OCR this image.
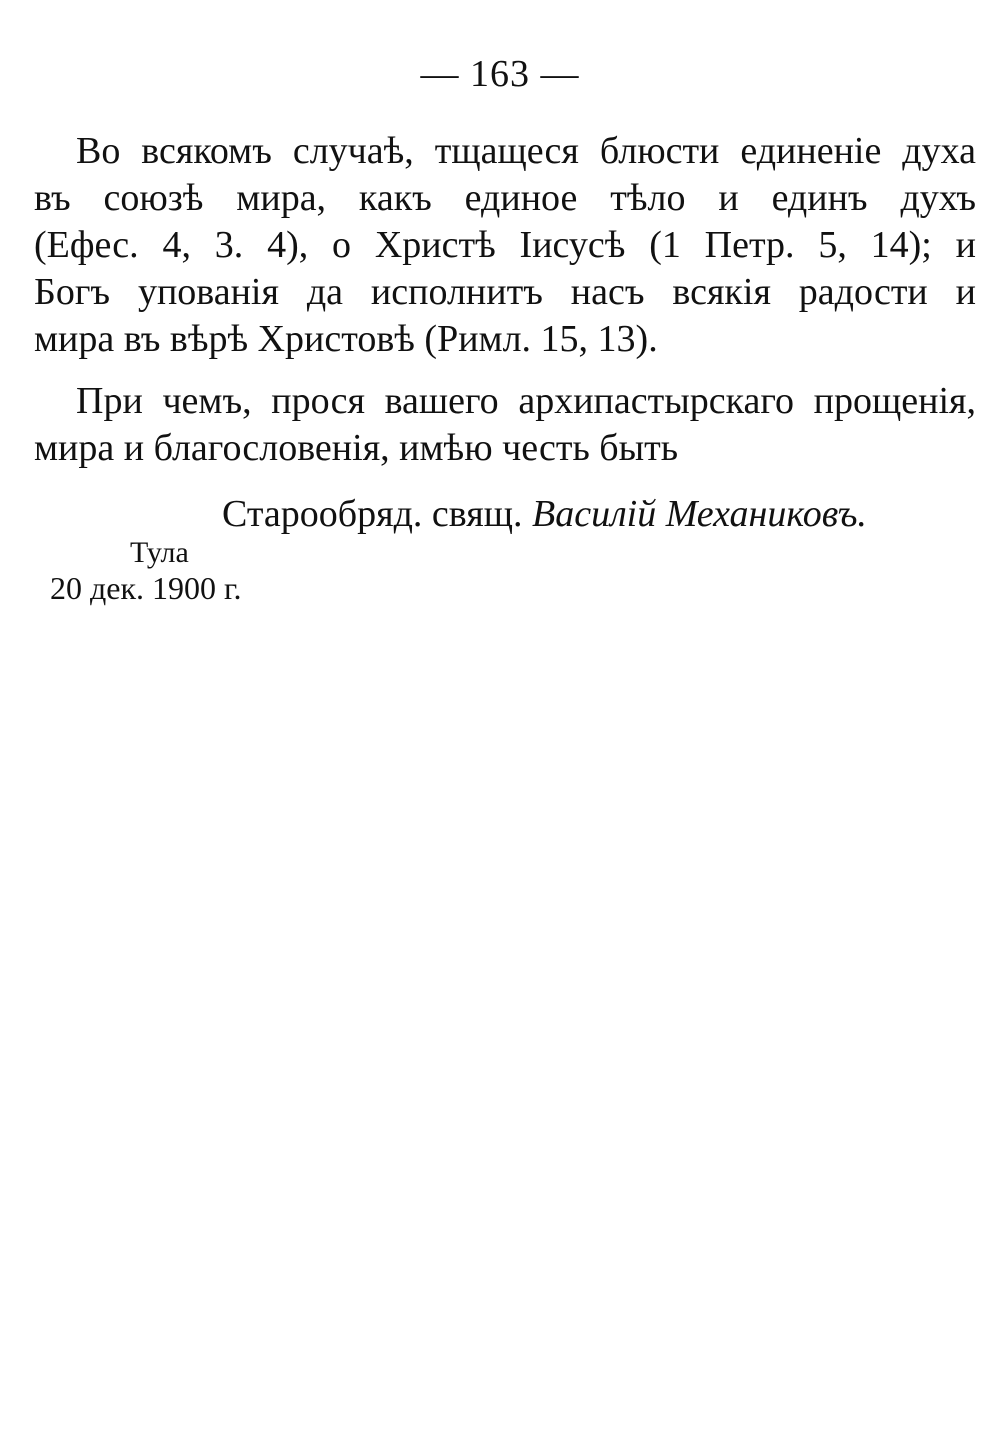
— 163 —

Во всякомъ случаѣ, тщащеся блюсти единеніе духа
въ союзѣ мира, какъ единое тѣло и единъ духъ
(Ефес. 4, 3. 4), о Христѣ Іисусѣ (1 Петр. 5, 14); и
Богъ упованія да исполнитъ насъ всякія радости и
мира въ вѣрѣ Христовѣ (Римл. 15, 13).

При чемъ, прося вашего архипастырскаго прощенія,
мира и благословенія, имѣю честь быть

Старообряд. свящ. Василій Механиковъ.
Тула
20 дек. 1900 г.
